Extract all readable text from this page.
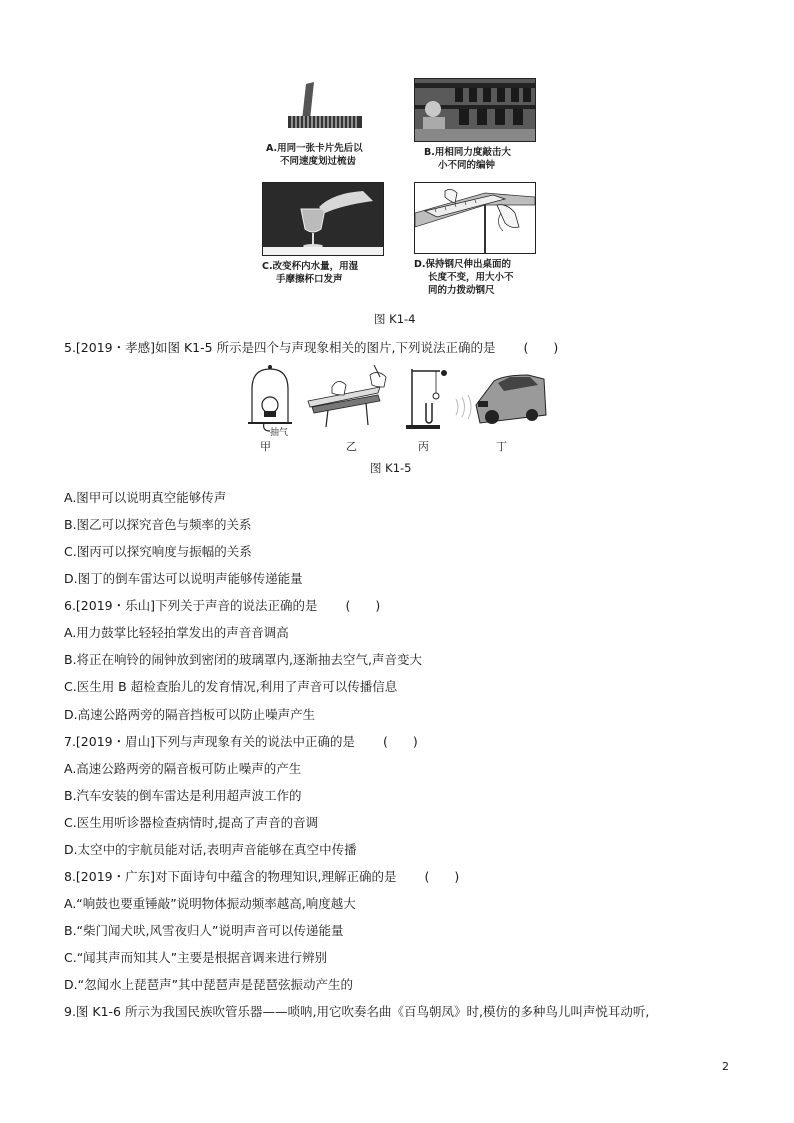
A.用同一张卡片先后以
不同速度划过梳齿
B.用相同力度敲击大
小不同的编钟
C.改变杯内水量，用湿
手摩擦杯口发声
D.保持钢尺伸出桌面的
长度不变，用大小不
同的力拨动钢尺
图 K1-4
5.[2019・孝感]如图 K1-5 所示是四个与声现象相关的图片,下列说法正确的是 (　　)
抽气
甲	乙	丙	丁
图 K1-5
A.图甲可以说明真空能够传声
B.图乙可以探究音色与频率的关系
C.图丙可以探究响度与振幅的关系
D.图丁的倒车雷达可以说明声能够传递能量
6.[2019・乐山]下列关于声音的说法正确的是 (　　)
A.用力鼓掌比轻轻拍掌发出的声音音调高
B.将正在响铃的闹钟放到密闭的玻璃罩内,逐渐抽去空气,声音变大
C.医生用 B 超检查胎儿的发育情况,利用了声音可以传播信息
D.高速公路两旁的隔音挡板可以防止噪声产生
7.[2019・眉山]下列与声现象有关的说法中正确的是 (　　)
A.高速公路两旁的隔音板可防止噪声的产生
B.汽车安装的倒车雷达是利用超声波工作的
C.医生用听诊器检查病情时,提高了声音的音调
D.太空中的宇航员能对话,表明声音能够在真空中传播
8.[2019・广东]对下面诗句中蕴含的物理知识,理解正确的是 (　　)
A.“响鼓也要重锤敲”说明物体振动频率越高,响度越大
B.“柴门闻犬吠,风雪夜归人”说明声音可以传递能量
C.“闻其声而知其人”主要是根据音调来进行辨别
D.“忽闻水上琵琶声”其中琵琶声是琵琶弦振动产生的
9.图 K1-6 所示为我国民族吹管乐器——唢呐,用它吹奏名曲《百鸟朝凤》时,模仿的多种鸟儿叫声悦耳动听,
2
